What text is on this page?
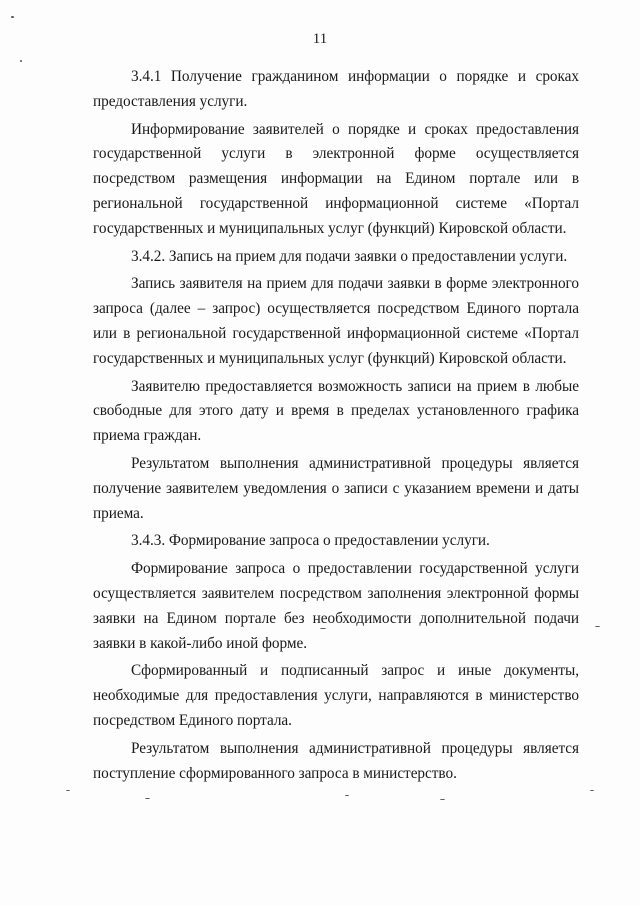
11

3.4.1 Получение гражданином информации о порядке и сроках предоставления услуги.

Информирование заявителей о порядке и сроках предоставления государственной услуги в электронной форме осуществляется посредством размещения информации на Едином портале или в региональной государственной информационной системе «Портал государственных и муниципальных услуг (функций) Кировской области.

3.4.2. Запись на прием для подачи заявки о предоставлении услуги.

Запись заявителя на прием для подачи заявки в форме электронного запроса (далее – запрос) осуществляется посредством Единого портала или в региональной государственной информационной системе «Портал государственных и муниципальных услуг (функций) Кировской области.

Заявителю предоставляется возможность записи на прием в любые свободные для этого дату и время в пределах установленного графика приема граждан.

Результатом выполнения административной процедуры является получение заявителем уведомления о записи с указанием времени и даты приема.

3.4.3. Формирование запроса о предоставлении услуги.

Формирование запроса о предоставлении государственной услуги осуществляется заявителем посредством заполнения электронной формы заявки на Едином портале без необходимости дополнительной подачи заявки в какой-либо иной форме.

Сформированный и подписанный запрос и иные документы, необходимые для предоставления услуги, направляются в министерство посредством Единого портала.

Результатом выполнения административной процедуры является поступление сформированного запроса в министерство.
